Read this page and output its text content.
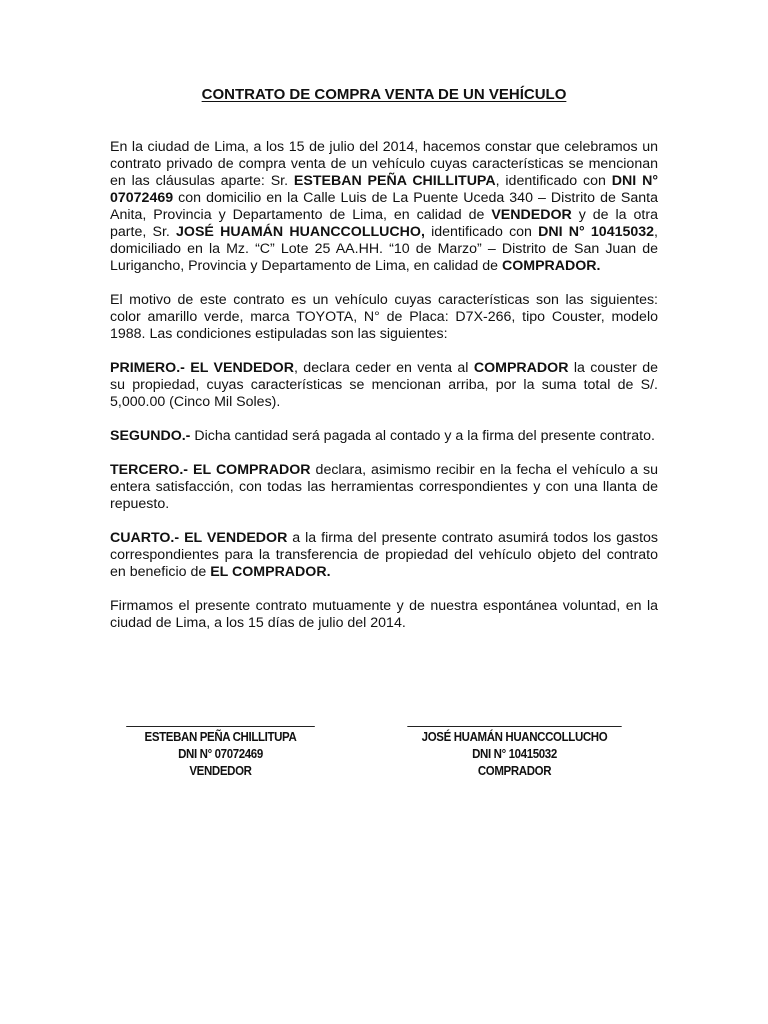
CONTRATO DE COMPRA VENTA DE UN VEHÍCULO

En la ciudad de Lima, a los 15 de julio del 2014, hacemos constar que celebramos un contrato privado de compra venta de un vehículo cuyas características se mencionan en las cláusulas aparte: Sr. ESTEBAN PEÑA CHILLITUPA, identificado con DNI N° 07072469 con domicilio en la Calle Luis de La Puente Uceda 340 – Distrito de Santa Anita, Provincia y Departamento de Lima, en calidad de VENDEDOR y de la otra parte, Sr. JOSÉ HUAMÁN HUANCCOLLUCHO, identificado con DNI N° 10415032, domiciliado en la Mz. “C” Lote 25 AA.HH. “10 de Marzo” – Distrito de San Juan de Lurigancho, Provincia y Departamento de Lima, en calidad de COMPRADOR.

El motivo de este contrato es un vehículo cuyas características son las siguientes: color amarillo verde, marca TOYOTA, N° de Placa: D7X-266, tipo Couster, modelo 1988. Las condiciones estipuladas son las siguientes:

PRIMERO.- EL VENDEDOR, declara ceder en venta al COMPRADOR la couster de su propiedad, cuyas características se mencionan arriba, por la suma total de S/. 5,000.00 (Cinco Mil Soles).

SEGUNDO.- Dicha cantidad será pagada al contado y a la firma del presente contrato.

TERCERO.- EL COMPRADOR declara, asimismo recibir en la fecha el vehículo a su entera satisfacción, con todas las herramientas correspondientes y con una llanta de repuesto.

CUARTO.- EL VENDEDOR a la firma del presente contrato asumirá todos los gastos correspondientes para la transferencia de propiedad del vehículo objeto del contrato en beneficio de EL COMPRADOR.

Firmamos el presente contrato mutuamente y de nuestra espontánea voluntad, en la ciudad de Lima, a los 15 días de julio del 2014.

ESTEBAN PEÑA CHILLITUPA
DNI N° 07072469
VENDEDOR
JOSÉ HUAMÁN HUANCCOLLUCHO
DNI N° 10415032
COMPRADOR
